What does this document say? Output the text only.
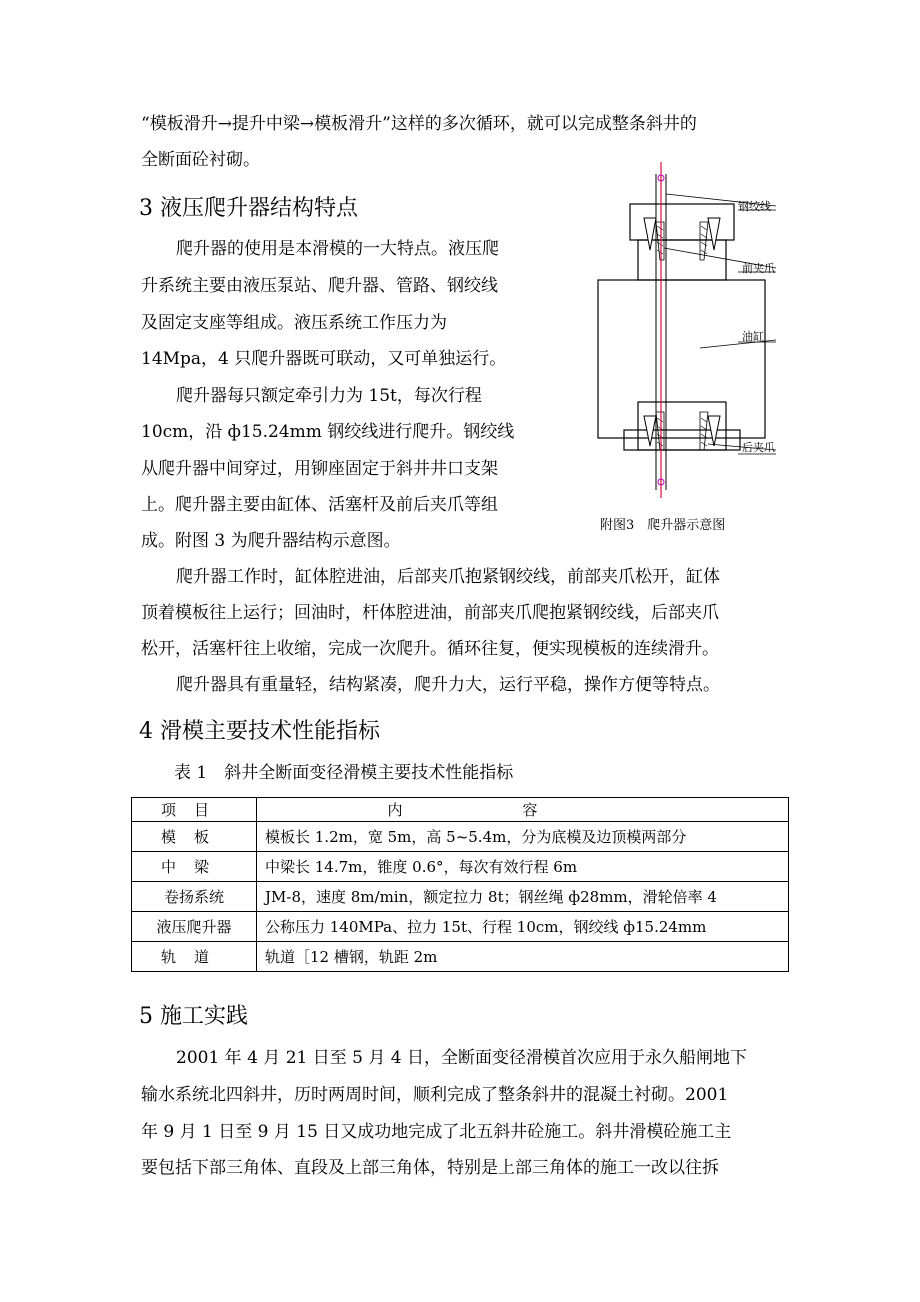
“模板滑升→提升中梁→模板滑升”这样的多次循环，就可以完成整条斜井的
全断面砼衬砌。
3 液压爬升器结构特点
爬升器的使用是本滑模的一大特点。液压爬
升系统主要由液压泵站、爬升器、管路、钢绞线
及固定支座等组成。液压系统工作压力为
14Mpa，4 只爬升器既可联动，又可单独运行。
爬升器每只额定牵引力为 15t，每次行程
10cm，沿 ф15.24mm 钢绞线进行爬升。钢绞线
从爬升器中间穿过，用铆座固定于斜井井口支架
上。爬升器主要由缸体、活塞杆及前后夹爪等组
成。附图 3 为爬升器结构示意图。
钢绞线
前夹爪
油缸
后夹爪
附图3　爬升器示意图
爬升器工作时，缸体腔进油，后部夹爪抱紧钢绞线，前部夹爪松开，缸体
顶着模板往上运行；回油时，杆体腔进油，前部夹爪爬抱紧钢绞线，后部夹爪
松开，活塞杆往上收缩，完成一次爬升。循环往复，便实现模板的连续滑升。
爬升器具有重量轻，结构紧凑，爬升力大，运行平稳，操作方便等特点。
4 滑模主要技术性能指标
表 1　斜井全断面变径滑模主要技术性能指标
项目	内容
模板	模板长 1.2m，宽 5m，高 5~5.4m，分为底模及边顶模两部分
中梁	中梁长 14.7m，锥度 0.6°，每次有效行程 6m
卷扬系统	JM-8，速度 8m/min，额定拉力 8t；钢丝绳 ф28mm，滑轮倍率 4
液压爬升器	公称压力 140MPa、拉力 15t、行程 10cm，钢绞线 ф15.24mm
轨道	轨道［12 槽钢，轨距 2m
5 施工实践
2001 年 4 月 21 日至 5 月 4 日，全断面变径滑模首次应用于永久船闸地下
输水系统北四斜井，历时两周时间，顺利完成了整条斜井的混凝土衬砌。2001
年 9 月 1 日至 9 月 15 日又成功地完成了北五斜井砼施工。斜井滑模砼施工主
要包括下部三角体、直段及上部三角体，特别是上部三角体的施工一改以往拆
